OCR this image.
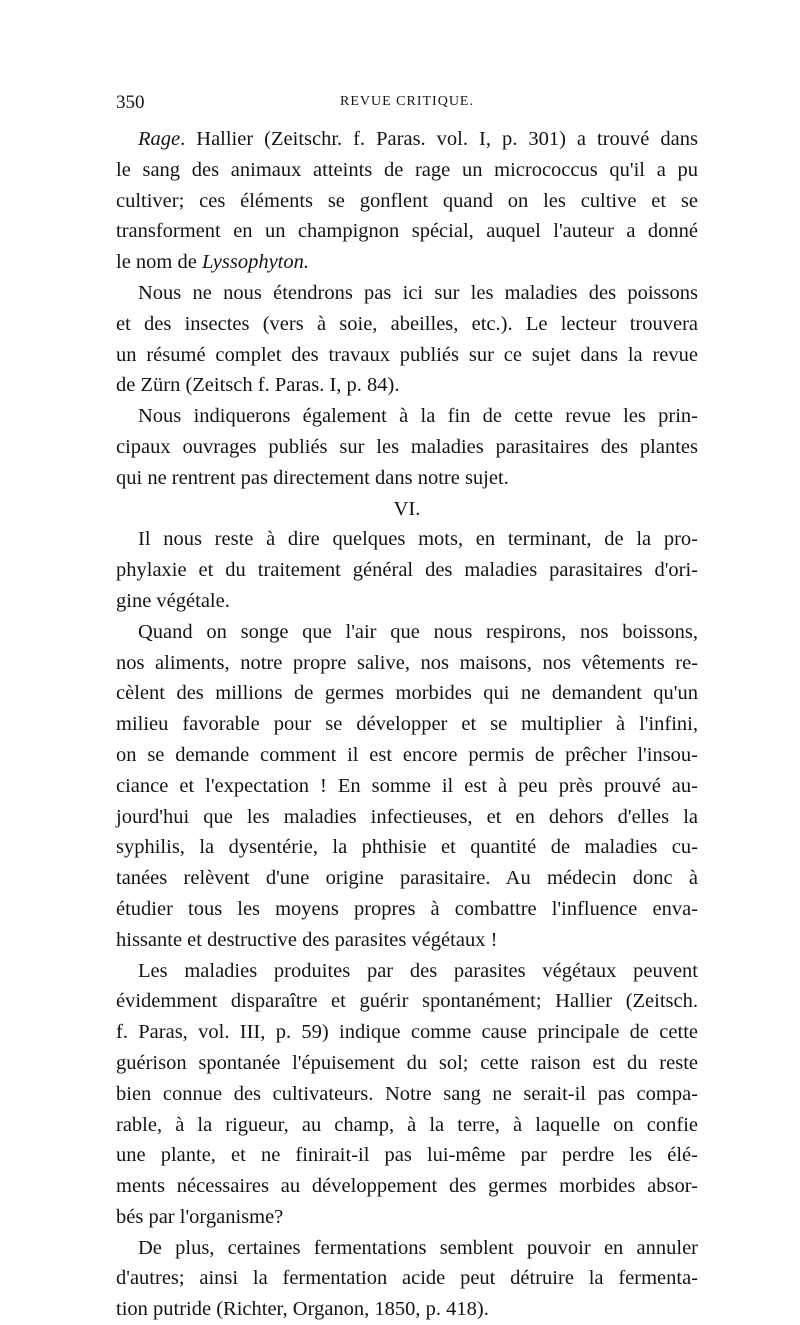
350	REVUE CRITIQUE.
Rage. Hallier (Zeitschr. f. Paras. vol. I, p. 301) a trouvé dans
le sang des animaux atteints de rage un micrococcus qu'il a pu
cultiver; ces éléments se gonflent quand on les cultive et se
transforment en un champignon spécial, auquel l'auteur a donné
le nom de Lyssophyton.
Nous ne nous étendrons pas ici sur les maladies des poissons
et des insectes (vers à soie, abeilles, etc.). Le lecteur trouvera
un résumé complet des travaux publiés sur ce sujet dans la revue
de Zürn (Zeitsch f. Paras. I, p. 84).
Nous indiquerons également à la fin de cette revue les prin-
cipaux ouvrages publiés sur les maladies parasitaires des plantes
qui ne rentrent pas directement dans notre sujet.
VI.
Il nous reste à dire quelques mots, en terminant, de la pro-
phylaxie et du traitement général des maladies parasitaires d'ori-
gine végétale.
Quand on songe que l'air que nous respirons, nos boissons,
nos aliments, notre propre salive, nos maisons, nos vêtements re-
cèlent des millions de germes morbides qui ne demandent qu'un
milieu favorable pour se développer et se multiplier à l'infini,
on se demande comment il est encore permis de prêcher l'insou-
ciance et l'expectation ! En somme il est à peu près prouvé au-
jourd'hui que les maladies infectieuses, et en dehors d'elles la
syphilis, la dysentérie, la phthisie et quantité de maladies cu-
tanées relèvent d'une origine parasitaire. Au médecin donc à
étudier tous les moyens propres à combattre l'influence enva-
hissante et destructive des parasites végétaux !
Les maladies produites par des parasites végétaux peuvent
évidemment disparaître et guérir spontanément; Hallier (Zeitsch.
f. Paras, vol. III, p. 59) indique comme cause principale de cette
guérison spontanée l'épuisement du sol; cette raison est du reste
bien connue des cultivateurs. Notre sang ne serait-il pas compa-
rable, à la rigueur, au champ, à la terre, à laquelle on confie
une plante, et ne finirait-il pas lui-même par perdre les élé-
ments nécessaires au développement des germes morbides absor-
bés par l'organisme?
De plus, certaines fermentations semblent pouvoir en annuler
d'autres; ainsi la fermentation acide peut détruire la fermenta-
tion putride (Richter, Organon, 1850, p. 418).
